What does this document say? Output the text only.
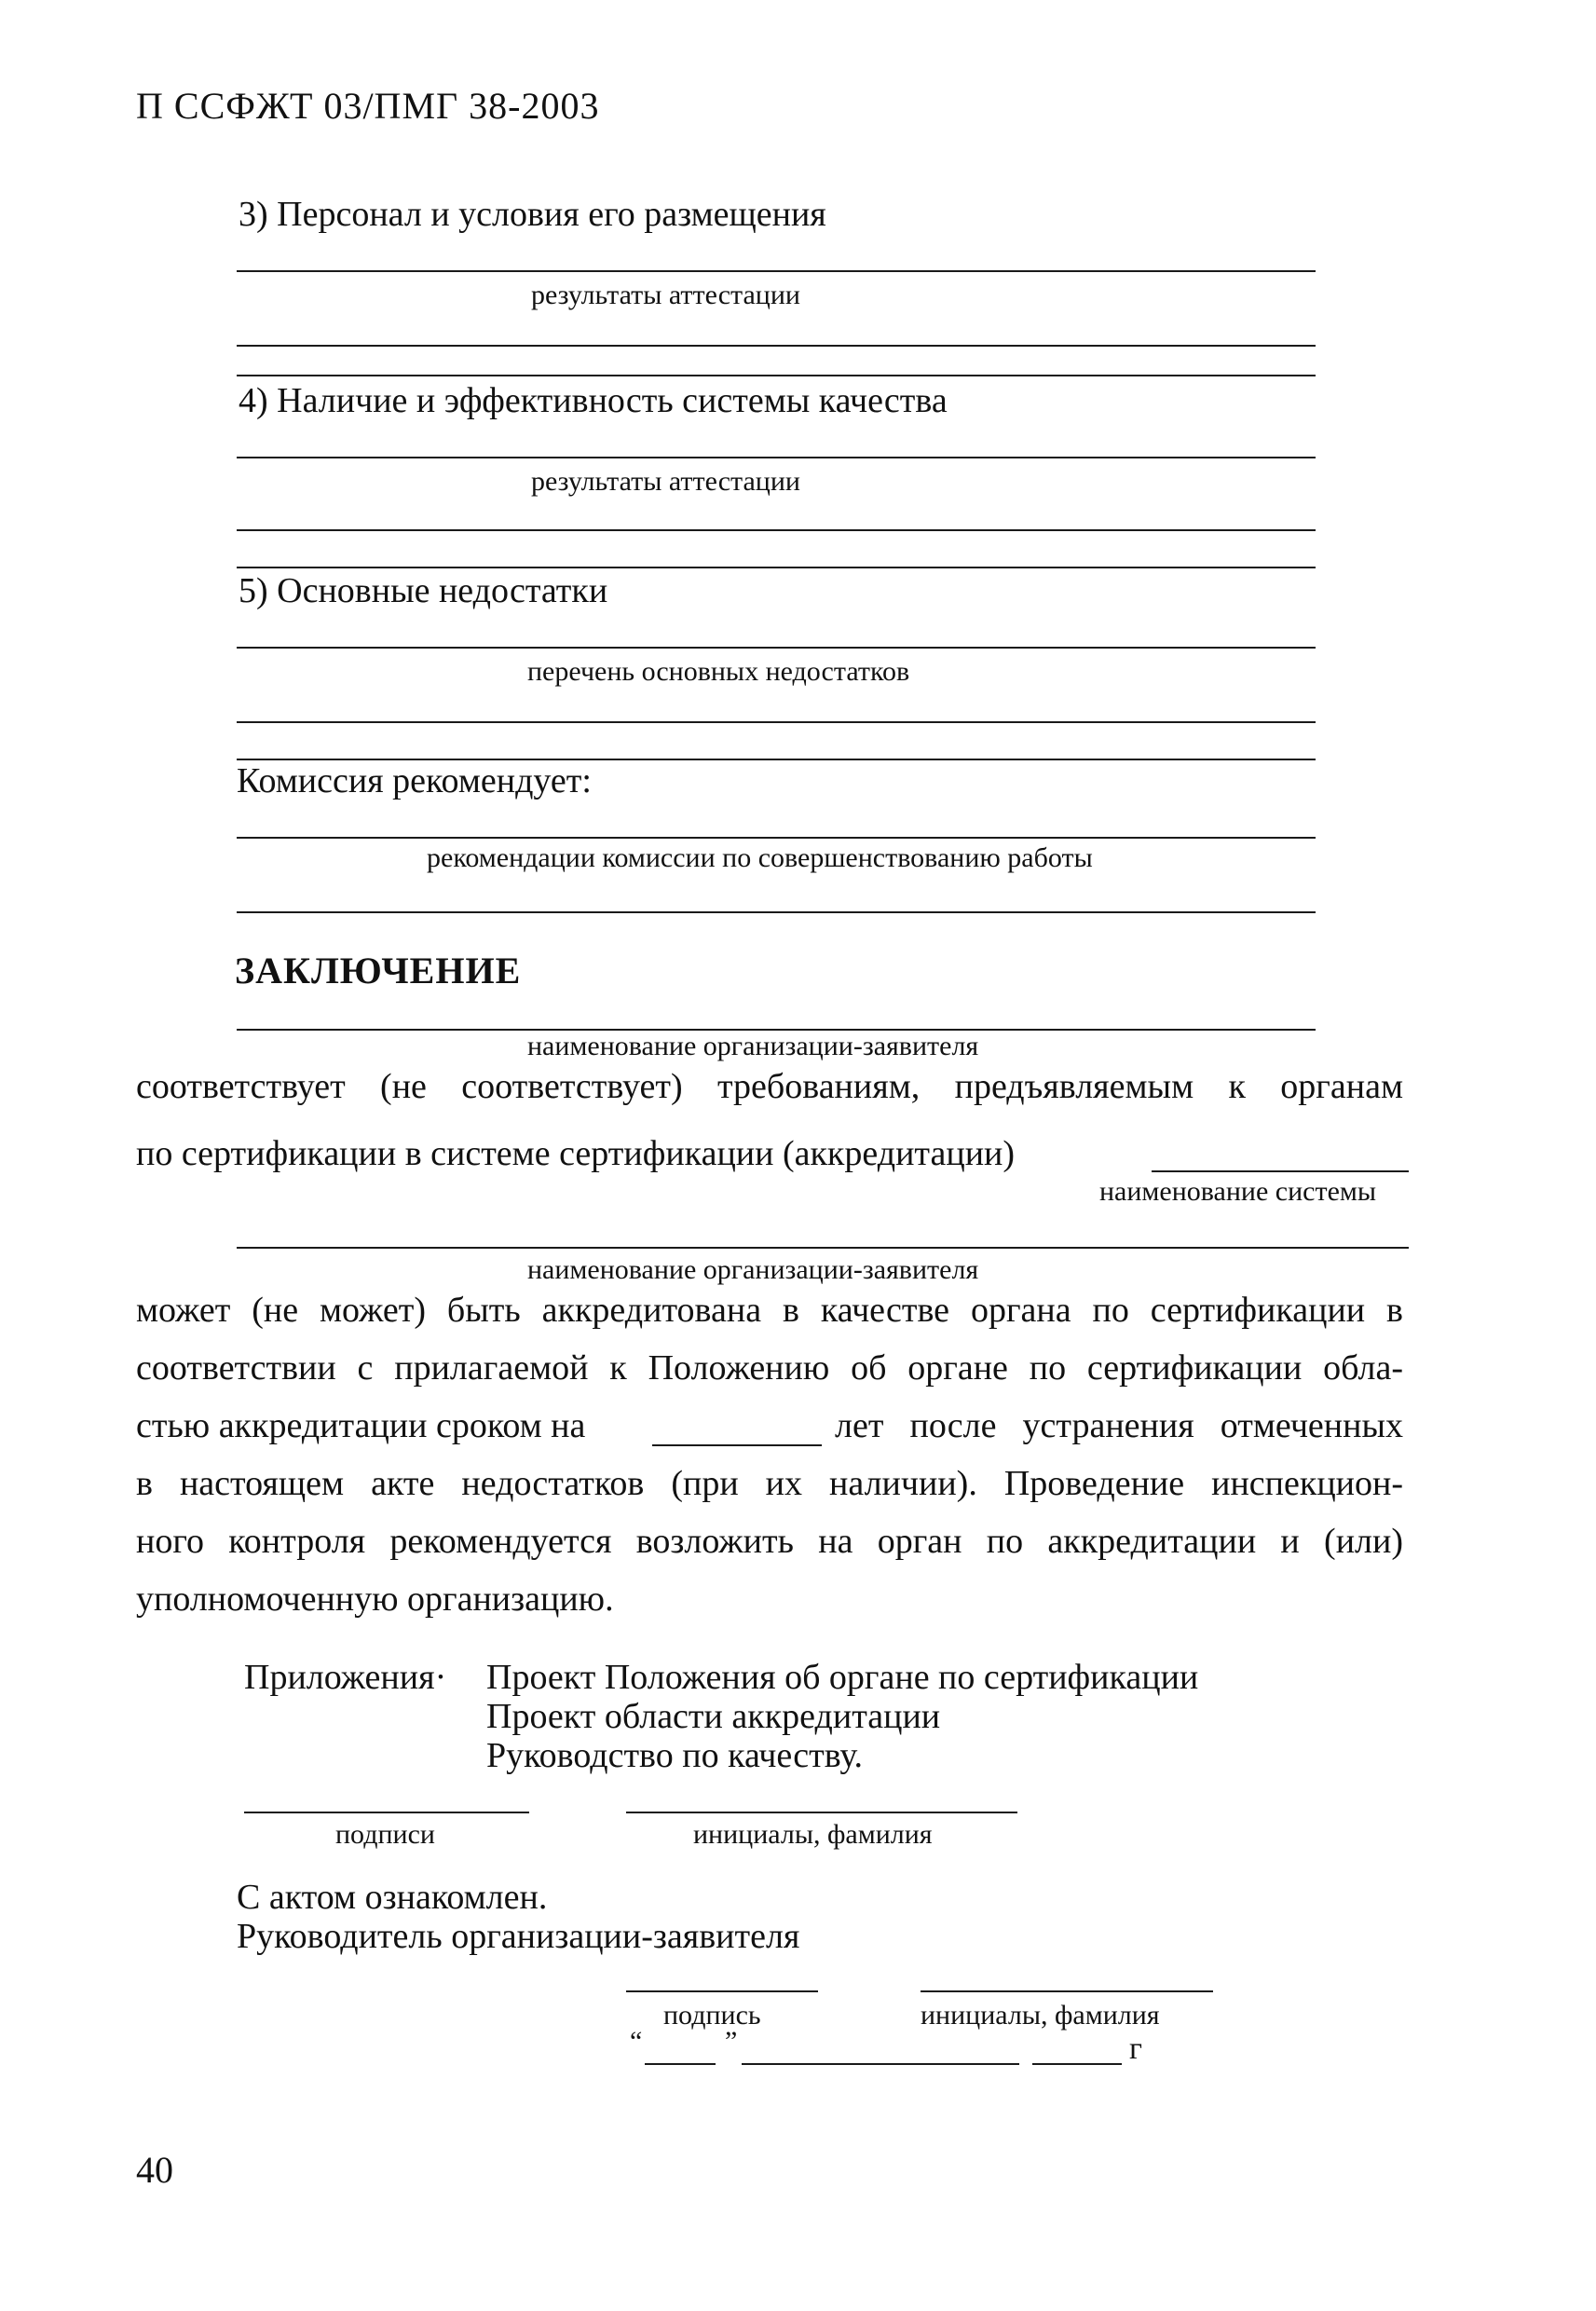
П ССФЖТ 03/ПМГ 38-2003
3) Персонал и условия его размещения
результаты аттестации
4) Наличие и эффективность системы качества
результаты аттестации
5) Основные недостатки
перечень основных недостатков
Комиссия рекомендует:
рекомендации комиссии по совершенствованию работы
ЗАКЛЮЧЕНИЕ
наименование организации-заявителя
соответствует (не соответствует) требованиям, предъявляемым к органам
по сертификации в системе сертификации (аккредитации)
наименование системы
наименование организации-заявителя
может (не может) быть аккредитована в качестве органа по сертификации в
соответствии с прилагаемой к Положению об органе по сертификации обла-
стью аккредитации сроком на	лет после устранения отмеченных
в настоящем акте недостатков (при их наличии). Проведение инспекцион-
ного контроля рекомендуется возложить на орган по аккредитации и (или)
уполномоченную организацию.
Приложения· Проект Положения об органе по сертификации
Проект области аккредитации
Руководство по качеству.
подписи	инициалы, фамилия
С актом ознакомлен.
Руководитель организации-заявителя
подпись	инициалы, фамилия
“	”	г
40
